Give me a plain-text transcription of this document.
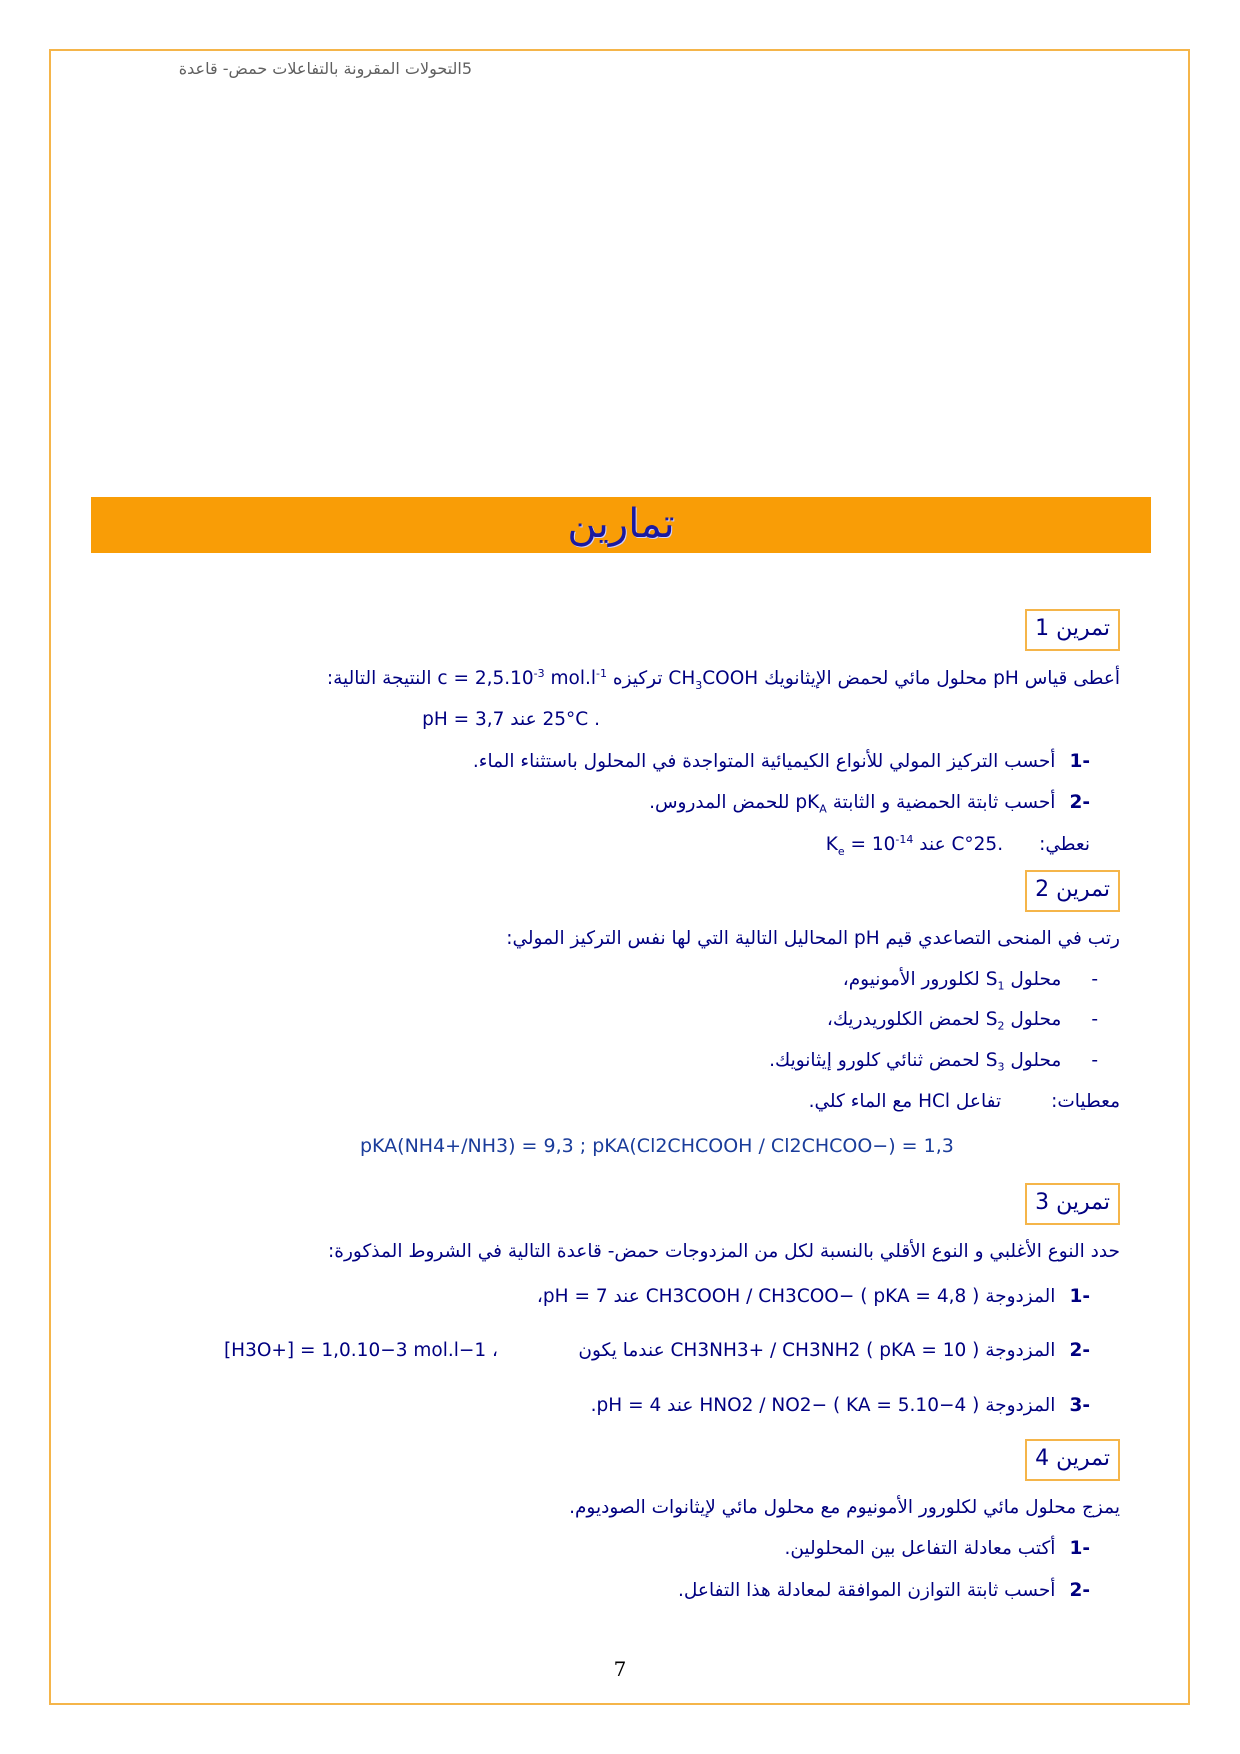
5التحولات المقرونة بالتفاعلات حمض- قاعدة
تمارين
تمرين 1
أعطى قياس pH محلول مائي لحمض الإيثانويك $CH_3COOH$ تركيزه $c = 2,5.10^{-3}$ $mol.l^{-1}$ النتيجة التالية:
. 25°C عند pH = 3,7
-1أحسب التركيز المولي للأنواع الكيميائية المتواجدة في المحلول باستثناء الماء.
-2أحسب ثابتة الحمضية و الثابتة $pK_A$ للحمض المدروس.
نعطي:.25°C عند $K_e = 10^{-14}$
تمرين 2
رتب في المنحى التصاعدي قيم pH المحاليل التالية التي لها نفس التركيز المولي:
-محلول $S_1$ لكلورور الأمونيوم،
-محلول $S_2$ لحمض الكلوريدريك،
-محلول $S_3$ لحمض ثنائي كلورو إيثانويك.
معطيات:تفاعل HCl مع الماء كلي.
pKA(NH4+/NH3) = 9,3 ; pKA(Cl2CHCOOH / Cl2CHCOO−) = 1,3
تمرين 3
حدد النوع الأغلبي و النوع الأقلي بالنسبة لكل من المزدوجات حمض- قاعدة التالية في الشروط المذكورة:
-1المزدوجة CH3COOH / CH3COO− ( pKA = 4,8 ) عند pH = 7،
-2المزدوجة CH3NH3+ / CH3NH2 ( pKA = 10 ) عندما يكون
[H3O+] = 1,0.10−3 mol.l−1 ،
-3المزدوجة HNO2 / NO2− ( KA = 5.10−4 ) عند pH = 4.
تمرين 4
يمزج محلول مائي لكلورور الأمونيوم مع محلول مائي لإيثانوات الصوديوم.
-1أكتب معادلة التفاعل بين المحلولين.
-2أحسب ثابتة التوازن الموافقة لمعادلة هذا التفاعل.
7
